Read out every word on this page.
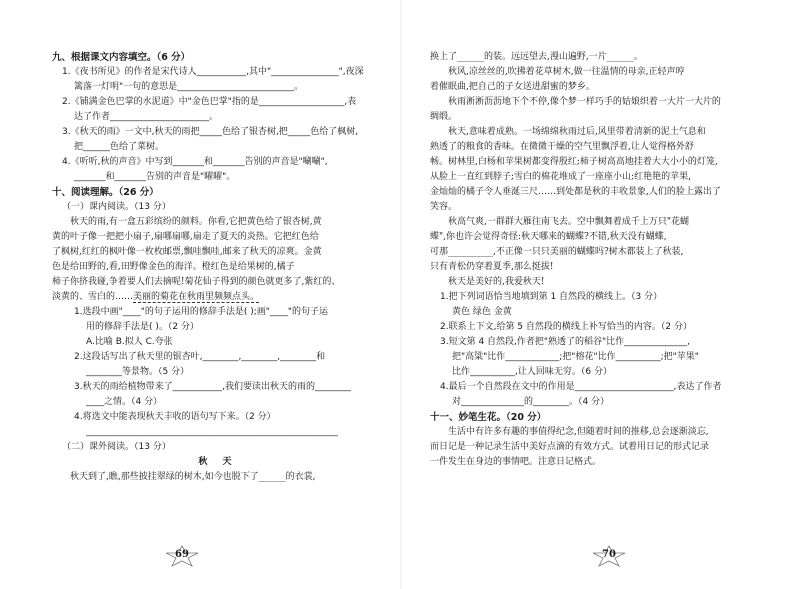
九、根据课文内容填空。（6 分）
1.《夜书所见》的作者是宋代诗人___________,其中"_______________",夜深
篱落一灯明"一句的意思是__________________________。
2.《铺满金色巴掌的水泥道》中"金色巴掌"指的是___________________,表
达了作者______________________。
3.《秋天的雨》一文中,秋天的雨把_____色给了银杏树,把_____色给了枫树,
把______色给了菜树。
4.《听听,秋的声音》中写到_______和_______告别的声音是"唰唰",
_______和_______告别的声音是"曜曜"。
十、阅读理解。（26 分）
（一）课内阅读。（13 分）
秋天的雨,有一盒五彩缤纷的颜料。你看,它把黄色给了银杏树,黄
黄的叶子像一把把小扇子,扇哪扇哪,扇走了夏天的炎热。它把红色给
了枫树,红红的枫叶像一枚枚邮票,飘哇飘哇,邮来了秋天的凉爽。金黄
色是给田野的,看,田野像金色的海洋。橙红色是给果树的,橘子
柿子你挤我碰,争着要人们去摘呢!菊花仙子得到的颜色就更多了,紫红的、
淡黄的、雪白的……美丽的菊花在秋雨里频频点头。
1.选段中画"____"的句子运用的修辞手法是( );画"____"的句子运
用的修辞手法是( )。（2 分）
A.比喻 B.拟人 C.夸张
2.这段话写出了秋天里的银杏叶,________,________,________和
________等景物。（5 分）
3.秋天的雨给植物带来了___________,我们要读出秋天的雨的________
____之情。（4 分）
4.将选文中能表现秋天丰收的语句写下来。（2 分）
________________________________________________________
（二）课外阅读。（13 分）
秋 天
秋天到了,瞧,那些披挂翠绿的树木,如今也脱下了______的衣裳,
69
换上了______的装。远远望去,漫山遍野,一片______。
秋风,凉丝丝的,吹拂着花草树木,做一往温情的母亲,正轻声哼
着催眠曲,把自己的子女送进甜蜜的梦乡。
秋雨淅淅沥沥地下个不停,像个梦一样巧手的姑娘织着一大片一大片的
绸缎。
秋天,意味着成熟。一场绵绵秋雨过后,风里带着清新的泥土气息和
熟透了的粮食的香味。在微微干燥的空气里飘浮着,让人觉得格外舒
畅。树林里,白杨和苹果树都变得殷红;柿子树高高地挂着大大小小的灯笼,
从脸上一直红到脖子;雪白的棉花堆成了一座座小山;红艳艳的苹果,
金灿灿的橘子令人垂涎三尺……到处都是秋的丰收景象,人们的脸上露出了
笑容。
秋高气爽,一群群大雁往南飞去。空中飘舞着成千上万只"花蝴
蝶",你也许会觉得奇怪:秋天哪来的蝴蝶?不错,秋天没有蝴蝶,
可那__________,不正像一只只美丽的蝴蝶吗?树木都装上了秋装,
只有青松仍穿着夏季,那么挺拔!
秋天是美好的,我爱秋天!
1.把下列词语恰当地填到第 1 自然段的横线上。（3 分）
黄色 绿色 金黄
2.联系上下文,给第 5 自然段的横线上补写恰当的内容。（2 分）
3.短文第 4 自然段,作者把"熟透了的稻谷"比作______________,
把"高粱"比作____________;把"榕花"比作__________;把"苹果"
比作__________,让人回味无穷。（6 分）
4.最后一个自然段在文中的作用是______________________,表达了作者
对______________的________。（4 分）
十一、妙笔生花。（20 分）
生活中有许多有趣的事值得纪念,但随着时间的推移,总会逐渐淡忘,
而日记是一种记录生活中美好点滴的有效方式。试着用日记的形式记录
一件发生在身边的事情吧。注意日记格式。
70
